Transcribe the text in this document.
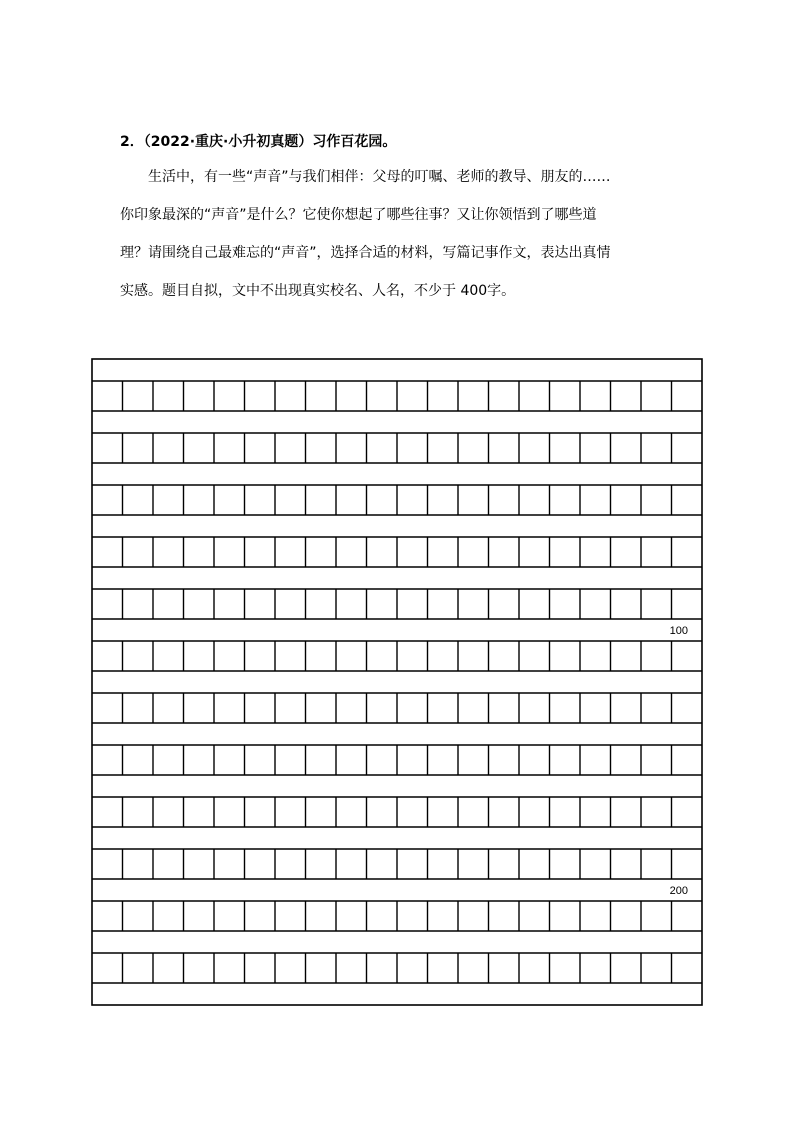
2．（2022·重庆·小升初真题）习作百花园。
生活中，有一些“声音”与我们相伴：父母的叮嘱、老师的教导、朋友的……
你印象最深的“声音”是什么？它使你想起了哪些往事？又让你领悟到了哪些道
理？请围绕自己最难忘的“声音”，选择合适的材料，写篇记事作文，表达出真情
实感。题目自拟，文中不出现真实校名、人名，不少于 400字。
100
200
